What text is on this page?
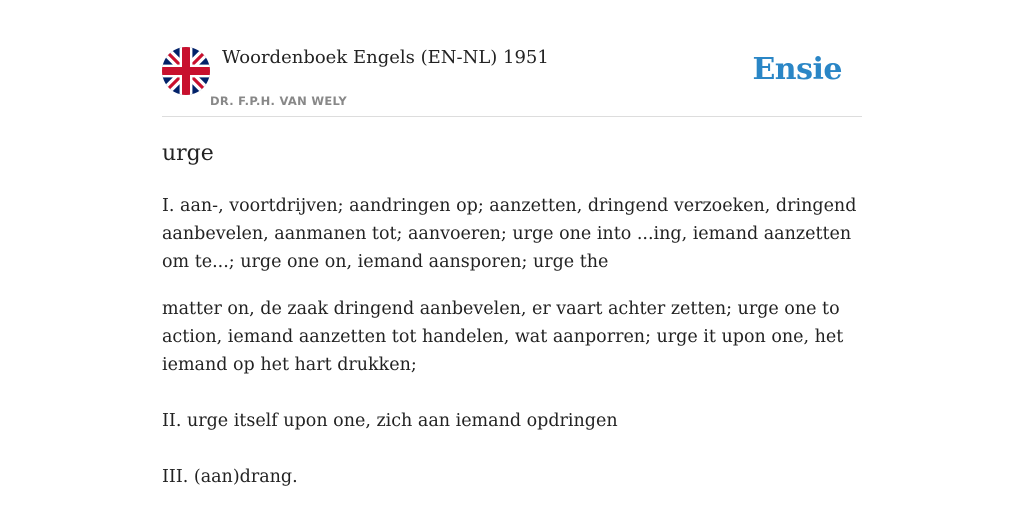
Woordenboek Engels (EN-NL) 1951
DR. F.P.H. VAN WELY
Ensie
urge

I. aan-, voortdrijven; aandringen op; aanzetten, dringend verzoeken, dringend aanbevelen, aanmanen tot; aanvoeren; urge one into ...ing, iemand aanzetten om te...; urge one on, iemand aansporen; urge the

matter on, de zaak dringend aanbevelen, er vaart achter zetten; urge one to action, iemand aanzetten tot handelen, wat aanporren; urge it upon one, het iemand op het hart drukken;

II. urge itself upon one, zich aan iemand opdringen

III. (aan)drang.
